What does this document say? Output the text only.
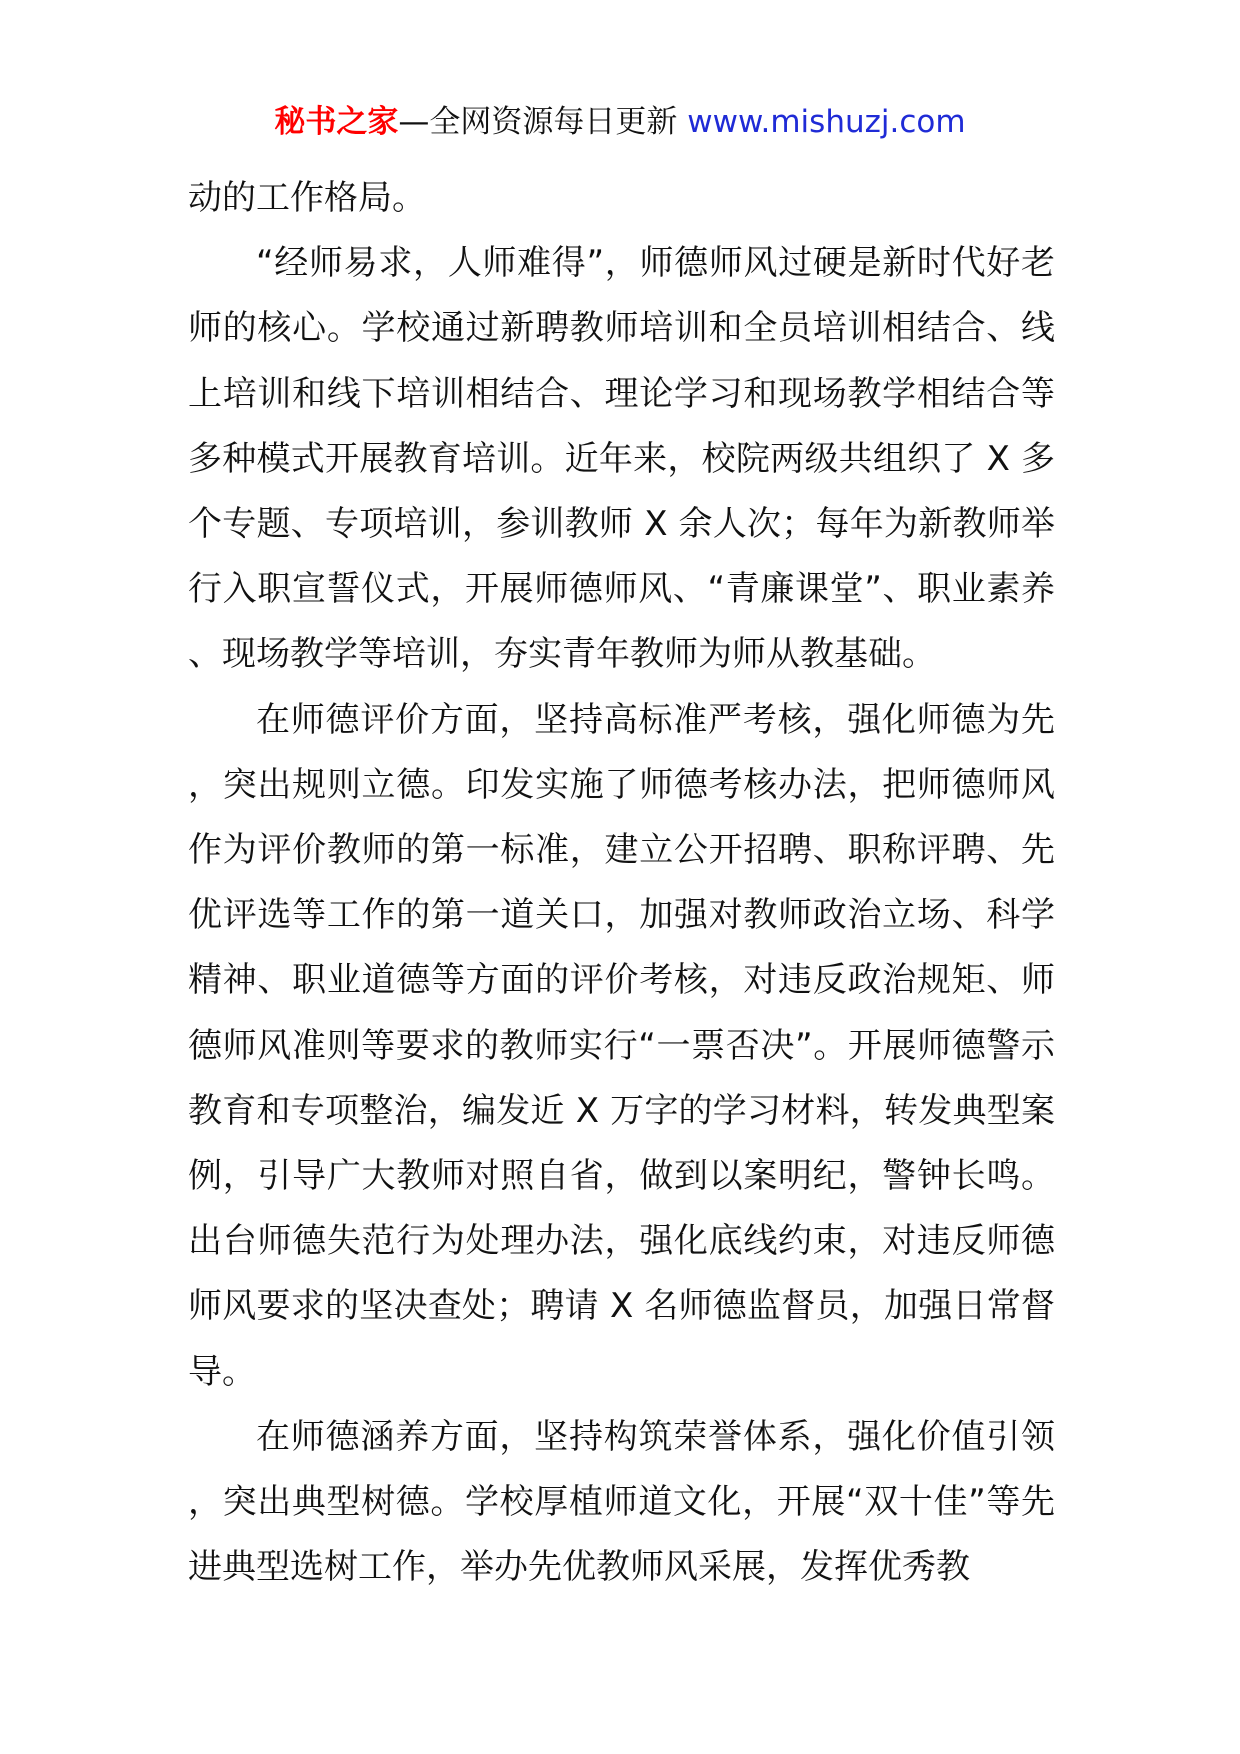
秘书之家—全网资源每日更新 www.mishuzj.com

动的工作格局。

“经师易求，人师难得”，师德师风过硬是新时代好老师的核心。学校通过新聘教师培训和全员培训相结合、线上培训和线下培训相结合、理论学习和现场教学相结合等多种模式开展教育培训。近年来，校院两级共组织了 X 多个专题、专项培训，参训教师 X 余人次；每年为新教师举行入职宣誓仪式，开展师德师风、“青廉课堂”、职业素养、现场教学等培训，夯实青年教师为师从教基础。

在师德评价方面，坚持高标准严考核，强化师德为先，突出规则立德。印发实施了师德考核办法，把师德师风作为评价教师的第一标准，建立公开招聘、职称评聘、先优评选等工作的第一道关口，加强对教师政治立场、科学精神、职业道德等方面的评价考核，对违反政治规矩、师德师风准则等要求的教师实行“一票否决”。开展师德警示教育和专项整治，编发近 X 万字的学习材料，转发典型案例，引导广大教师对照自省，做到以案明纪，警钟长鸣。出台师德失范行为处理办法，强化底线约束，对违反师德师风要求的坚决查处；聘请 X 名师德监督员，加强日常督导。

在师德涵养方面，坚持构筑荣誉体系，强化价值引领，突出典型树德。学校厚植师道文化，开展“双十佳”等先进典型选树工作，举办先优教师风采展，发挥优秀教
